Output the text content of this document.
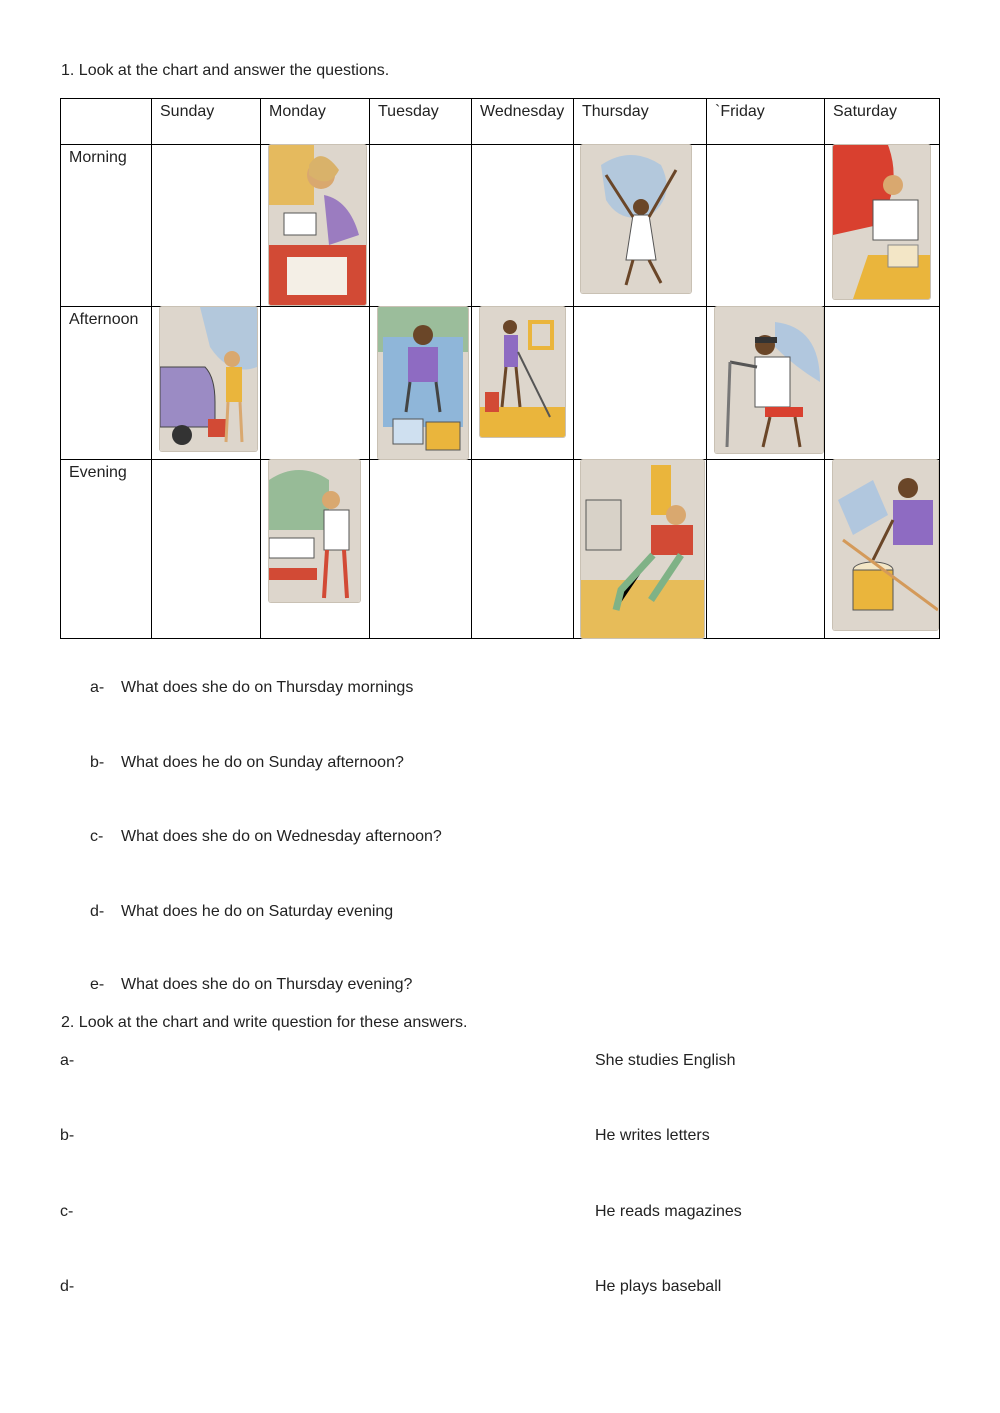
1. Look at the chart and answer the questions.

	Sunday	Monday	Tuesday	Wednesday	Thursday	`Friday	Saturday

Morning

Afternoon

Evening

a- What does she do on Thursday mornings
b- What does he do on Sunday afternoon?
c- What does she do on Wednesday afternoon?
d- What does he do on Saturday evening
e- What does she do on Thursday evening?
2. Look at the chart and write question for these answers.
a-	She studies English
b-	He writes letters
c-	He reads magazines
d-	He plays baseball
